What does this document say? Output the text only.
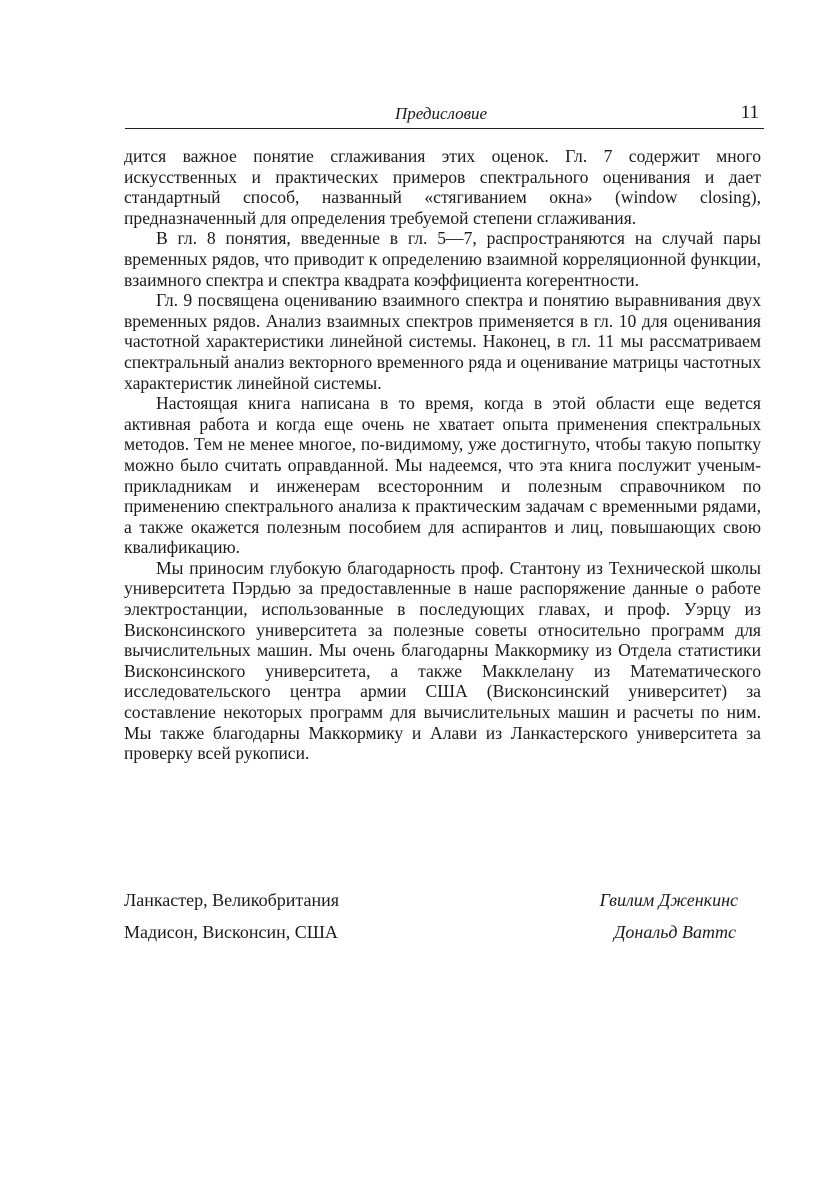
Предисловие	11

дится важное понятие сглаживания этих оценок. Гл. 7 содержит много искусственных и практических примеров спектрального оценивания и дает стандартный способ, названный «стягиванием окна» (window closing), предназначенный для определения требуемой степени сглаживания.

В гл. 8 понятия, введенные в гл. 5—7, распространяются на случай пары временных рядов, что приводит к определению взаимной корреляционной функции, взаимного спектра и спектра квадрата коэффициента когерентности.

Гл. 9 посвящена оцениванию взаимного спектра и понятию выравнивания двух временных рядов. Анализ взаимных спектров применяется в гл. 10 для оценивания частотной характеристики линейной системы. Наконец, в гл. 11 мы рассматриваем спектральный анализ векторного временного ряда и оценивание матрицы частотных характеристик линейной системы.

Настоящая книга написана в то время, когда в этой области еще ведется активная работа и когда еще очень не хватает опыта применения спектральных методов. Тем не менее многое, по-видимому, уже достигнуто, чтобы такую попытку можно было считать оправданной. Мы надеемся, что эта книга послужит ученым-прикладникам и инженерам всесторонним и полезным справочником по применению спектрального анализа к практическим задачам с временными рядами, а также окажется полезным пособием для аспирантов и лиц, повышающих свою квалификацию.

Мы приносим глубокую благодарность проф. Стантону из Технической школы университета Пэрдью за предоставленные в наше распоряжение данные о работе электростанции, использованные в последующих главах, и проф. Уэрцу из Висконсинского университета за полезные советы относительно программ для вычислительных машин. Мы очень благодарны Маккормику из Отдела статистики Висконсинского университета, а также Макклелану из Математического исследовательского центра армии США (Висконсинский университет) за составление некоторых программ для вычислительных машин и расчеты по ним. Мы также благодарны Маккормику и Алави из Ланкастерского университета за проверку всей рукописи.

Ланкастер, Великобритания	Гвилим Дженкинс
Мадисон, Висконсин, США	Дональд Ваттс
